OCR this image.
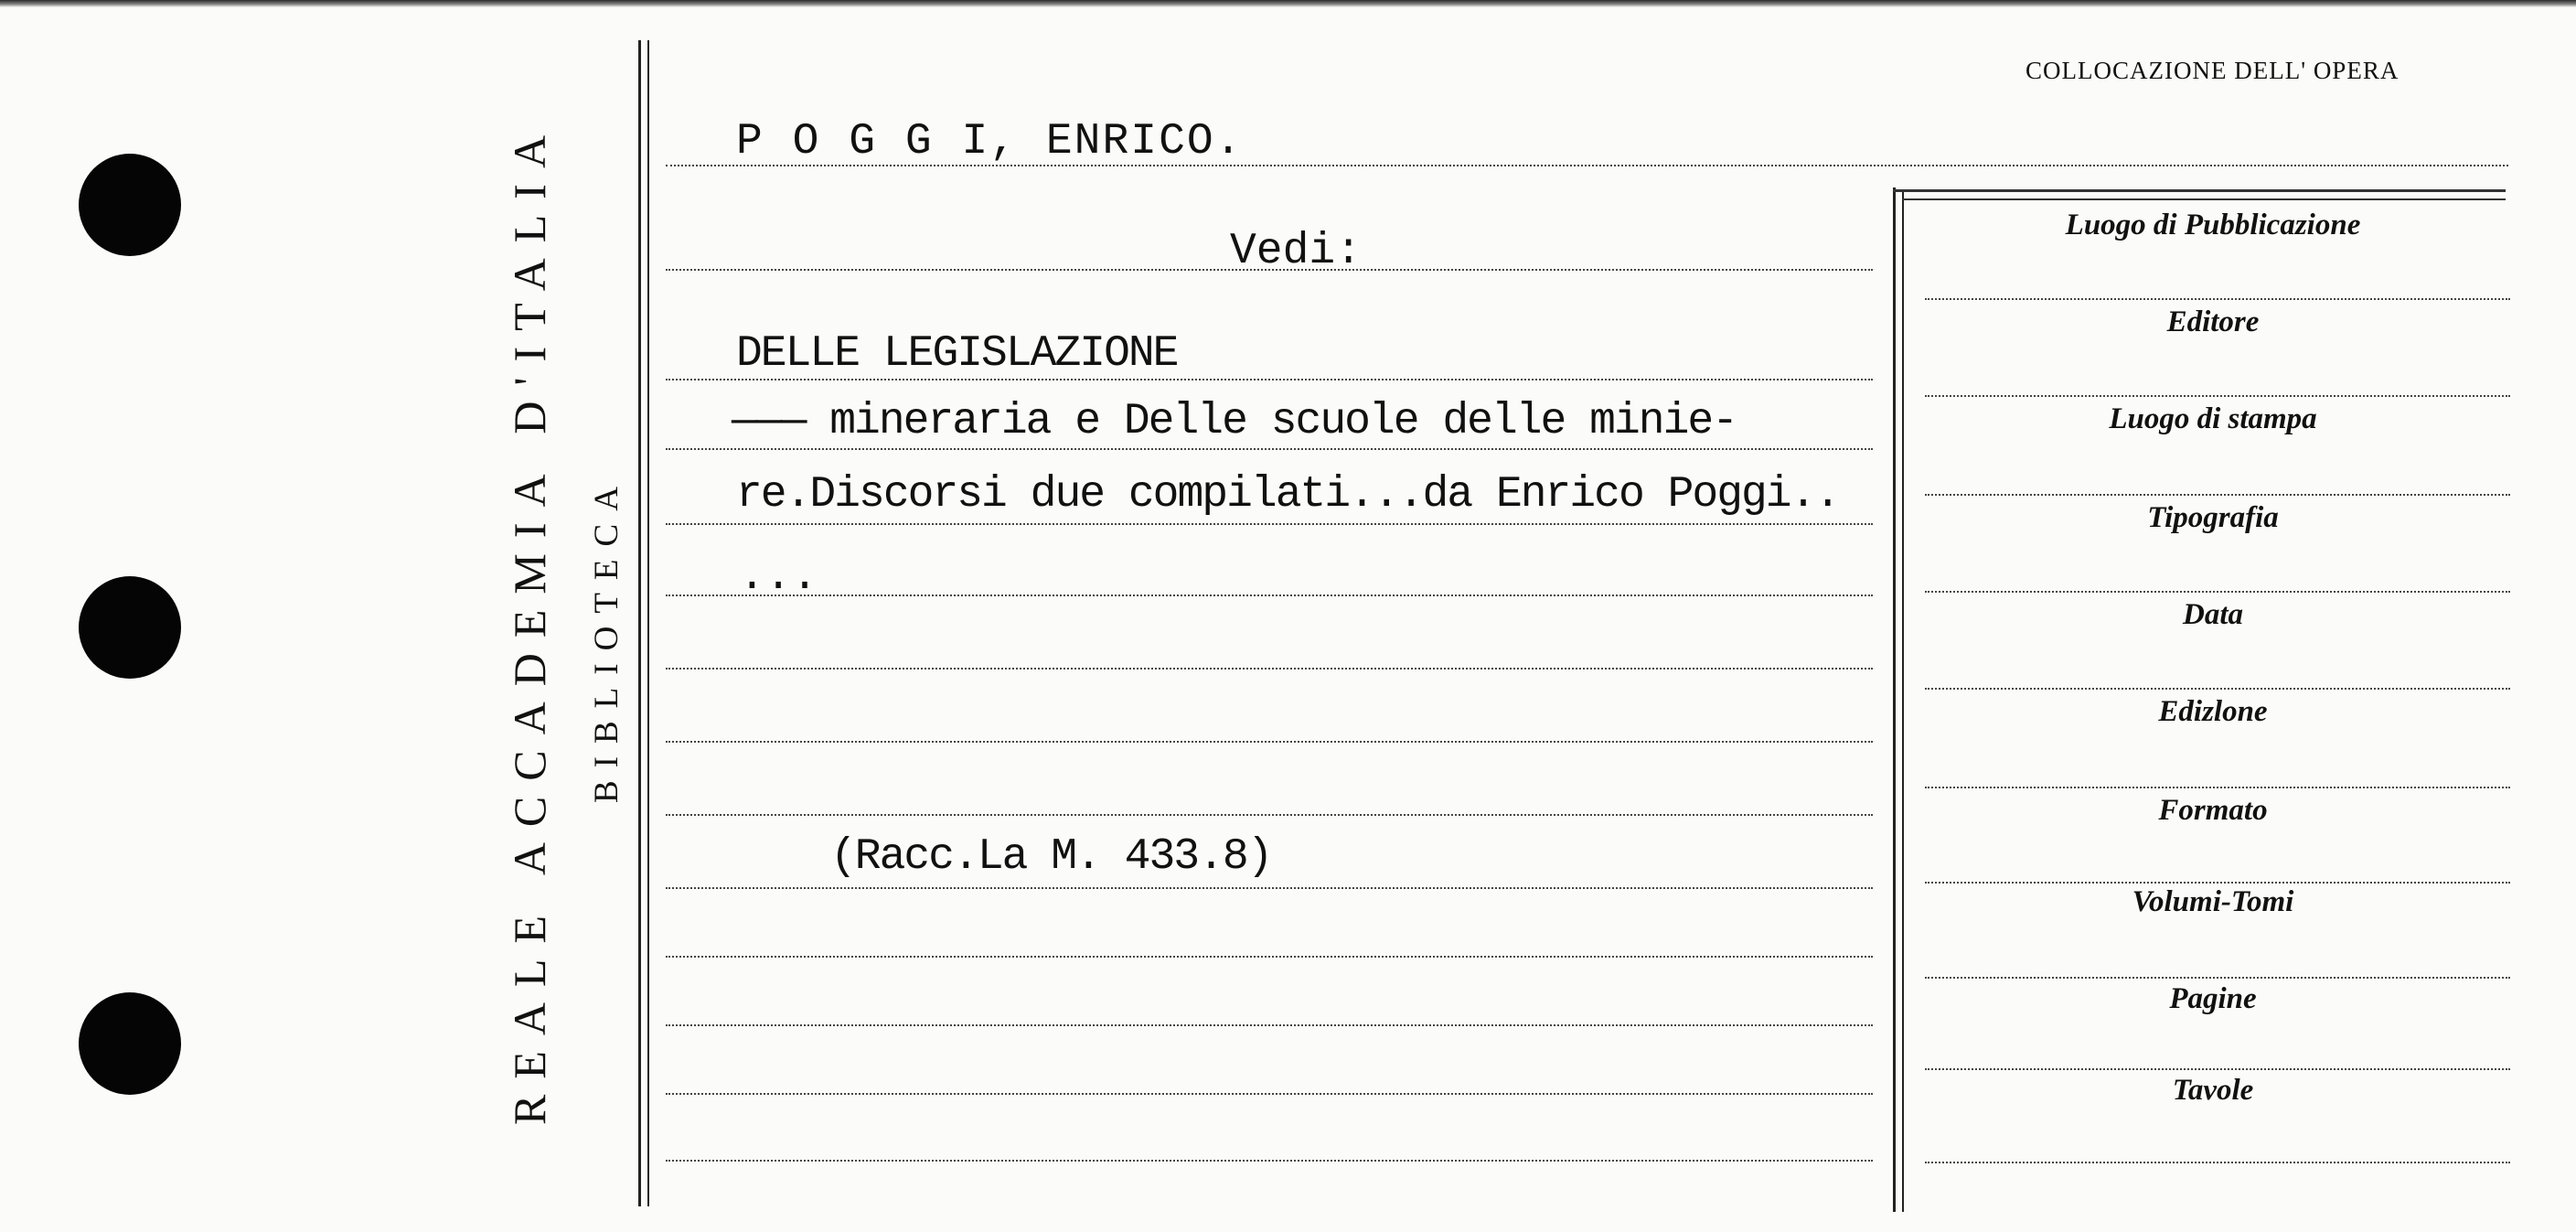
REALE ACCADEMIA D'ITALIA BIBLIOTECA
COLLOCAZIONE DELL' OPERA
P O G G I, ENRICO.
Vedi:
DELLE LEGISLAZIONE
——— mineraria e Delle scuole delle minie-
re.Discorsi due compilati...da Enrico Poggi..
...
(Racc.La M. 433.8)
Luogo di Pubblicazione
Editore
Luogo di stampa
Tipografia
Data
Edizlone
Formato
Volumi-Tomi
Pagine
Tavole
